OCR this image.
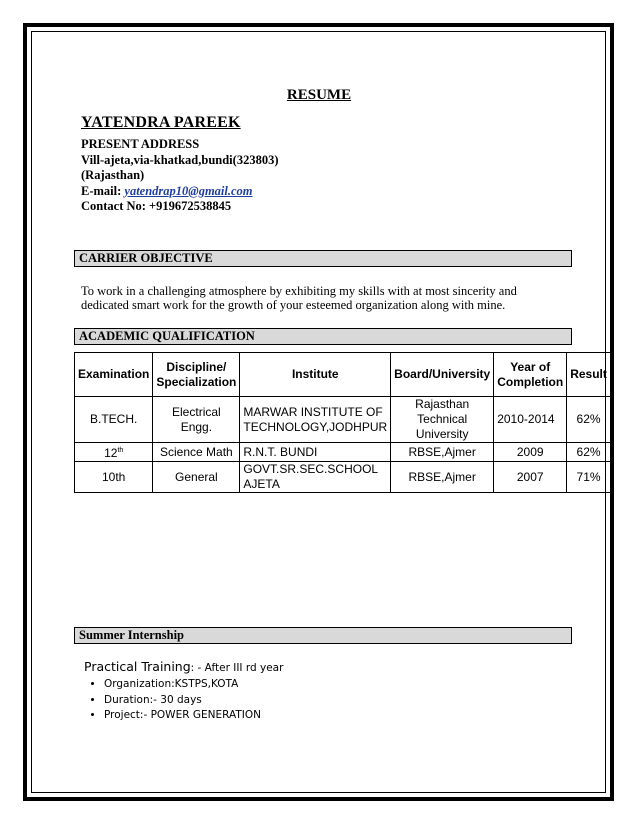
RESUME
YATENDRA PAREEK
PRESENT ADDRESS
Vill-ajeta,via-khatkad,bundi(323803)
(Rajasthan)
E-mail: yatendrap10@gmail.com
Contact No: +919672538845
CARRIER OBJECTIVE
To work in a challenging atmosphere by exhibiting my skills with at most sincerity and dedicated smart work for the growth of your esteemed organization along with mine.
ACADEMIC QUALIFICATION
Examination	Discipline/ Specialization	Institute	Board/University	Year of Completion	Result
B.TECH.	Electrical Engg.	MARWAR INSTITUTE OF TECHNOLOGY,JODHPUR	Rajasthan Technical University	2010-2014	62%
12th	Science Math	R.N.T. BUNDI	RBSE,Ajmer	2009	62%
10th	General	GOVT.SR.SEC.SCHOOL AJETA	RBSE,Ajmer	2007	71%
Summer Internship
Practical Training: - After III rd year
• Organization:KSTPS,KOTA
• Duration:- 30 days
• Project:- POWER GENERATION
